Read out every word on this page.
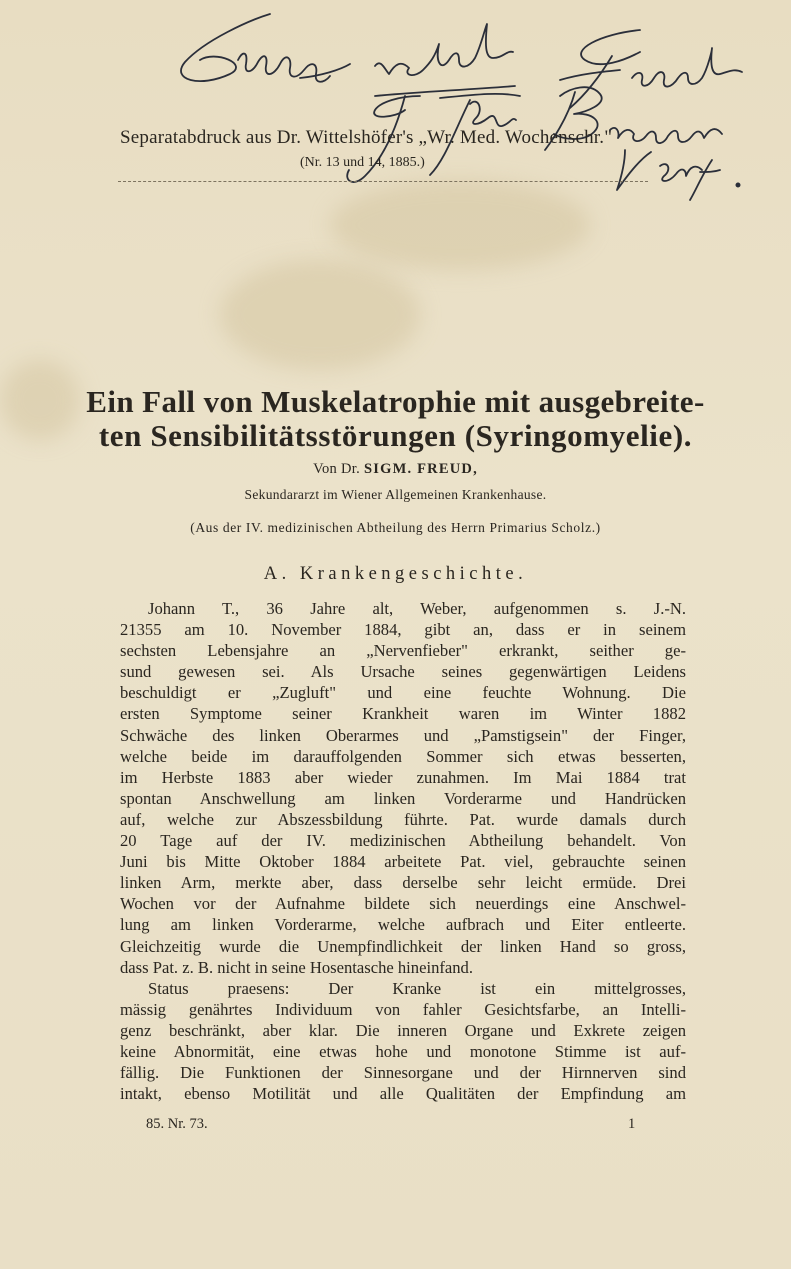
Separatabdruck aus Dr. Wittelshöfer's „Wr. Med. Wochenschr."
(Nr. 13 und 14, 1885.)
Ein Fall von Muskelatrophie mit ausgebreite-
ten Sensibilitätsstörungen (Syringomyelie).
Von Dr. SIGM. FREUD,
Sekundararzt im Wiener Allgemeinen Krankenhause.
(Aus der IV. medizinischen Abtheilung des Herrn Primarius Scholz.)
A. Krankengeschichte.
Johann T., 36 Jahre alt, Weber, aufgenommen s. J.-N.
21355 am 10. November 1884, gibt an, dass er in seinem
sechsten Lebensjahre an „Nervenfieber" erkrankt, seither ge-
sund gewesen sei. Als Ursache seines gegenwärtigen Leidens
beschuldigt er „Zugluft" und eine feuchte Wohnung. Die
ersten Symptome seiner Krankheit waren im Winter 1882
Schwäche des linken Oberarmes und „Pamstigsein" der Finger,
welche beide im darauffolgenden Sommer sich etwas besserten,
im Herbste 1883 aber wieder zunahmen. Im Mai 1884 trat
spontan Anschwellung am linken Vorderarme und Handrücken
auf, welche zur Abszessbildung führte. Pat. wurde damals durch
20 Tage auf der IV. medizinischen Abtheilung behandelt. Von
Juni bis Mitte Oktober 1884 arbeitete Pat. viel, gebrauchte seinen
linken Arm, merkte aber, dass derselbe sehr leicht ermüde. Drei
Wochen vor der Aufnahme bildete sich neuerdings eine Anschwel-
lung am linken Vorderarme, welche aufbrach und Eiter entleerte.
Gleichzeitig wurde die Unempfindlichkeit der linken Hand so gross,
dass Pat. z. B. nicht in seine Hosentasche hineinfand.
Status praesens: Der Kranke ist ein mittelgrosses,
mässig genährtes Individuum von fahler Gesichtsfarbe, an Intelli-
genz beschränkt, aber klar. Die inneren Organe und Exkrete zeigen
keine Abnormität, eine etwas hohe und monotone Stimme ist auf-
fällig. Die Funktionen der Sinnesorgane und der Hirnnerven sind
intakt, ebenso Motilität und alle Qualitäten der Empfindung am
85. Nr. 73.	1
